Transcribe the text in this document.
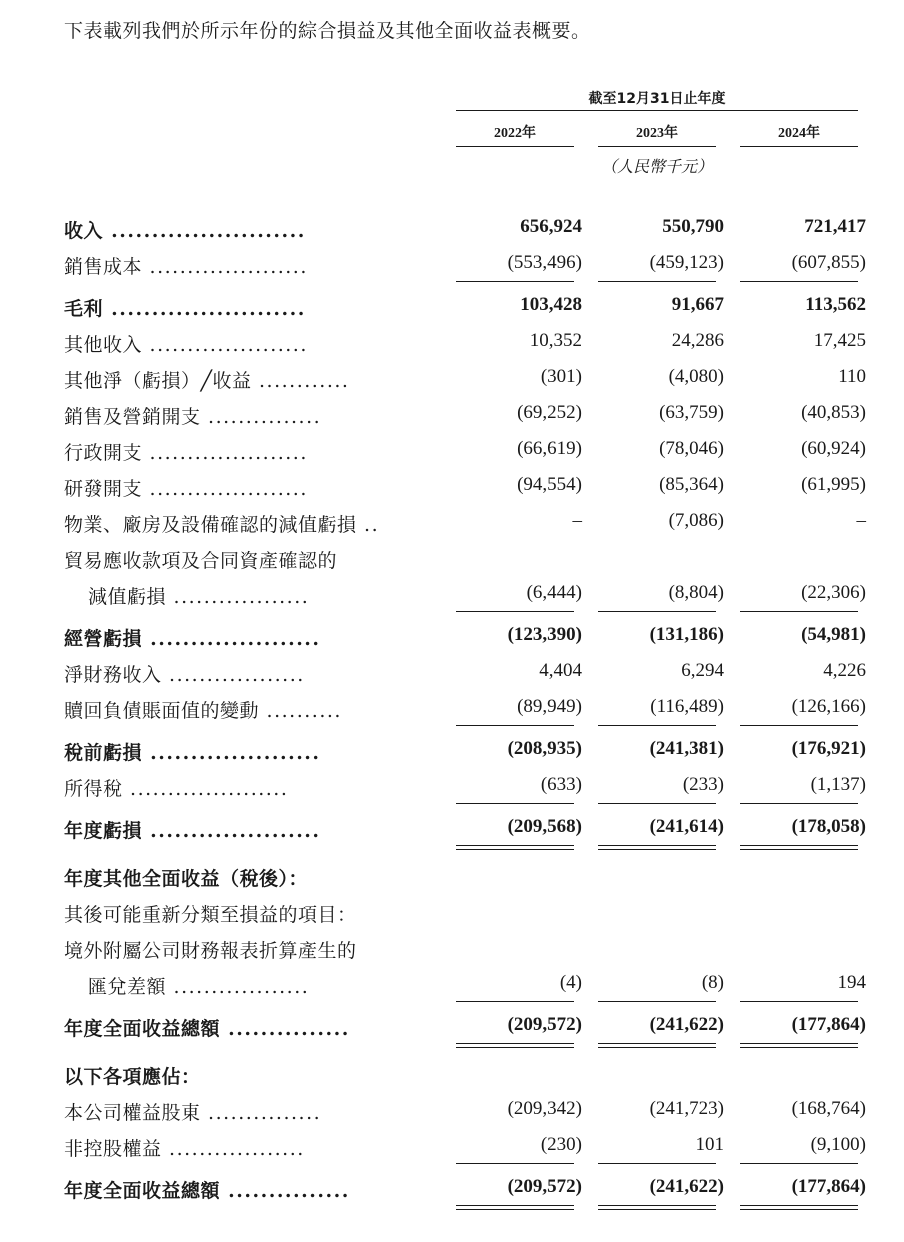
下表載列我們於所示年份的綜合損益及其他全面收益表概要。
截至12月31日止年度
2022年	2023年	2024年
（人民幣千元）
收入 ........................	656,924	550,790	721,417
銷售成本 .....................	(553,496)	(459,123)	(607,855)
毛利 ........................	103,428	91,667	113,562
其他收入 .....................	10,352	24,286	17,425
其他淨（虧損）╱收益 ............	(301)	(4,080)	110
銷售及營銷開支 ...............	(69,252)	(63,759)	(40,853)
行政開支 .....................	(66,619)	(78,046)	(60,924)
研發開支 .....................	(94,554)	(85,364)	(61,995)
物業、廠房及設備確認的減值虧損 ..	–	(7,086)	–
貿易應收款項及合同資產確認的
減值虧損 ..................	(6,444)	(8,804)	(22,306)
經營虧損 .....................	(123,390)	(131,186)	(54,981)
淨財務收入 ..................	4,404	6,294	4,226
贖回負債賬面值的變動 ..........	(89,949)	(116,489)	(126,166)
稅前虧損 .....................	(208,935)	(241,381)	(176,921)
所得稅 .....................	(633)	(233)	(1,137)
年度虧損 .....................	(209,568)	(241,614)	(178,058)
年度其他全面收益（稅後）：
其後可能重新分類至損益的項目：
境外附屬公司財務報表折算產生的
匯兌差額 ..................	(4)	(8)	194
年度全面收益總額 ...............	(209,572)	(241,622)	(177,864)
以下各項應佔：
本公司權益股東 ...............	(209,342)	(241,723)	(168,764)
非控股權益 ..................	(230)	101	(9,100)
年度全面收益總額 ...............	(209,572)	(241,622)	(177,864)
